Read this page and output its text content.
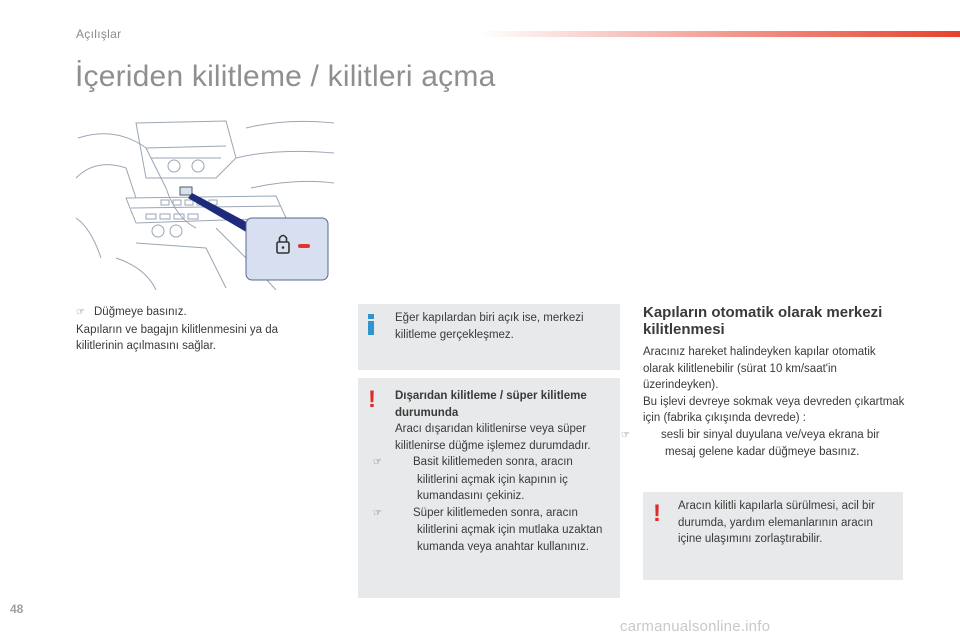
Açılışlar
İçeriden kilitleme / kilitleri açma
☞ Düğmeye basınız.
Kapıların ve bagajın kilitlenmesini ya da kilitlerinin açılmasını sağlar.
Eğer kapılardan biri açık ise, merkezi kilitleme gerçekleşmez.
! Dışarıdan kilitleme / süper kilitleme durumunda
Aracı dışarıdan kilitlenirse veya süper kilitlenirse düğme işlemez durumdadır.
☞	Basit kilitlemeden sonra, aracın kilitlerini açmak için kapının iç kumandasını çekiniz.
☞	Süper kilitlemeden sonra, aracın kilitlerini açmak için mutlaka uzaktan kumanda veya anahtar kullanınız.
Kapıların otomatik olarak merkezi kilitlenmesi
Aracınız hareket halindeyken kapılar otomatik olarak kilitlenebilir (sürat 10 km/saat'in üzerindeyken).
Bu işlevi devreye sokmak veya devreden çıkartmak için (fabrika çıkışında devrede) :
☞	sesli bir sinyal duyulana ve/veya ekrana bir mesaj gelene kadar düğmeye basınız.
! Aracın kilitli kapılarla sürülmesi, acil bir durumda, yardım elemanlarının aracın içine ulaşımını zorlaştırabilir.
48
carmanualsonline.info
